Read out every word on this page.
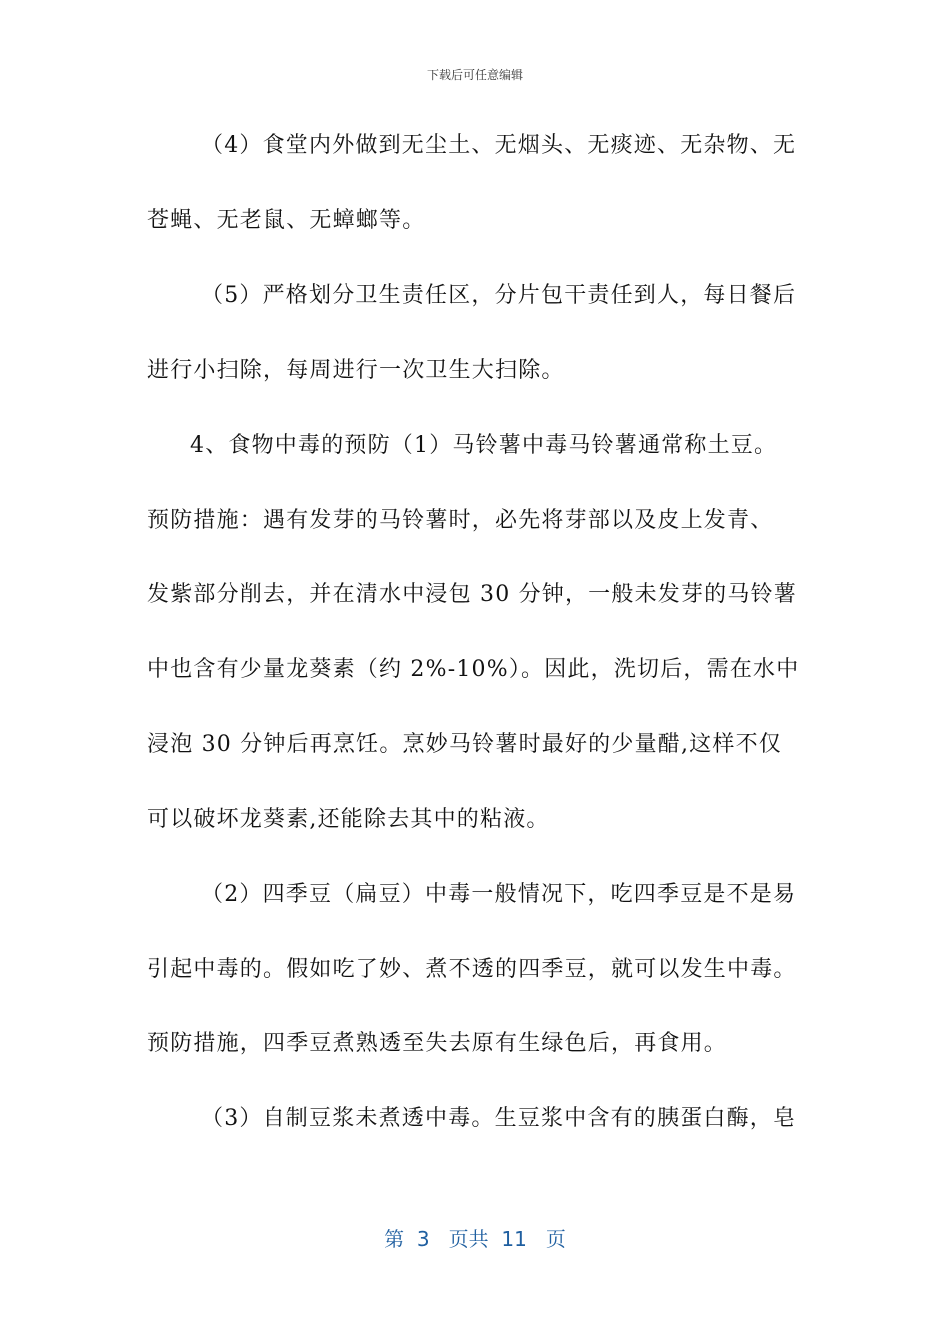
下载后可任意编辑
（4）食堂内外做到无尘土、无烟头、无痰迹、无杂物、无
苍蝇、无老鼠、无蟑螂等。
（5）严格划分卫生责任区，分片包干责任到人，每日餐后
进行小扫除，每周进行一次卫生大扫除。
4、食物中毒的预防（1）马铃薯中毒马铃薯通常称土豆。
预防措施：遇有发芽的马铃薯时，必先将芽部以及皮上发青、
发紫部分削去，并在清水中浸包 30 分钟，一般未发芽的马铃薯
中也含有少量龙葵素（约 2%-10%）。因此，洗切后，需在水中
浸泡 30 分钟后再烹饪。烹妙马铃薯时最好的少量醋,这样不仅
可以破坏龙葵素,还能除去其中的粘液。
（2）四季豆（扁豆）中毒一般情况下，吃四季豆是不是易
引起中毒的。假如吃了妙、煮不透的四季豆，就可以发生中毒。
预防措施，四季豆煮熟透至失去原有生绿色后，再食用。
（3）自制豆浆未煮透中毒。生豆浆中含有的胰蛋白酶，皂
第  3   页共  11   页
